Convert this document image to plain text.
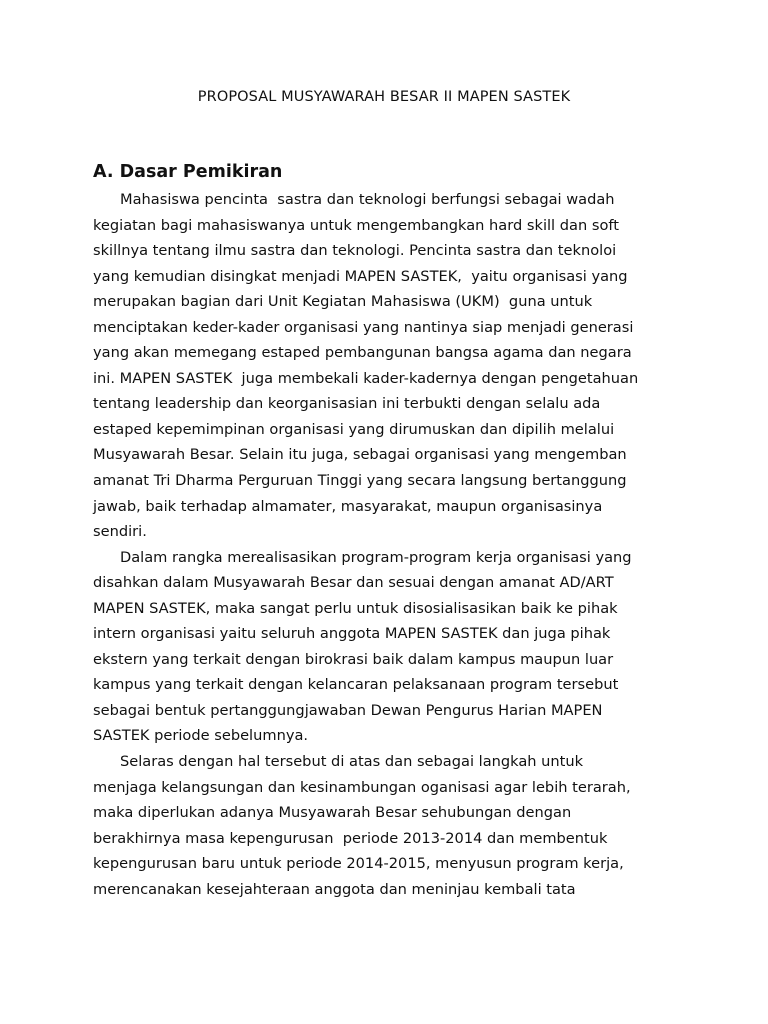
PROPOSAL MUSYAWARAH BESAR II MAPEN SASTEK
A. Dasar Pemikiran
Mahasiswa pencinta  sastra dan teknologi berfungsi sebagai wadah
kegiatan bagi mahasiswanya untuk mengembangkan hard skill dan soft
skillnya tentang ilmu sastra dan teknologi. Pencinta sastra dan teknoloi
yang kemudian disingkat menjadi MAPEN SASTEK,  yaitu organisasi yang
merupakan bagian dari Unit Kegiatan Mahasiswa (UKM)  guna untuk
menciptakan keder-kader organisasi yang nantinya siap menjadi generasi
yang akan memegang estaped pembangunan bangsa agama dan negara
ini. MAPEN SASTEK  juga membekali kader-kadernya dengan pengetahuan
tentang leadership dan keorganisasian ini terbukti dengan selalu ada
estaped kepemimpinan organisasi yang dirumuskan dan dipilih melalui
Musyawarah Besar. Selain itu juga, sebagai organisasi yang mengemban
amanat Tri Dharma Perguruan Tinggi yang secara langsung bertanggung
jawab, baik terhadap almamater, masyarakat, maupun organisasinya
sendiri.
Dalam rangka merealisasikan program-program kerja organisasi yang
disahkan dalam Musyawarah Besar dan sesuai dengan amanat AD/ART
MAPEN SASTEK, maka sangat perlu untuk disosialisasikan baik ke pihak
intern organisasi yaitu seluruh anggota MAPEN SASTEK dan juga pihak
ekstern yang terkait dengan birokrasi baik dalam kampus maupun luar
kampus yang terkait dengan kelancaran pelaksanaan program tersebut
sebagai bentuk pertanggungjawaban Dewan Pengurus Harian MAPEN
SASTEK periode sebelumnya.
Selaras dengan hal tersebut di atas dan sebagai langkah untuk
menjaga kelangsungan dan kesinambungan oganisasi agar lebih terarah,
maka diperlukan adanya Musyawarah Besar sehubungan dengan
berakhirnya masa kepengurusan  periode 2013-2014 dan membentuk
kepengurusan baru untuk periode 2014-2015, menyusun program kerja,
merencanakan kesejahteraan anggota dan meninjau kembali tata
